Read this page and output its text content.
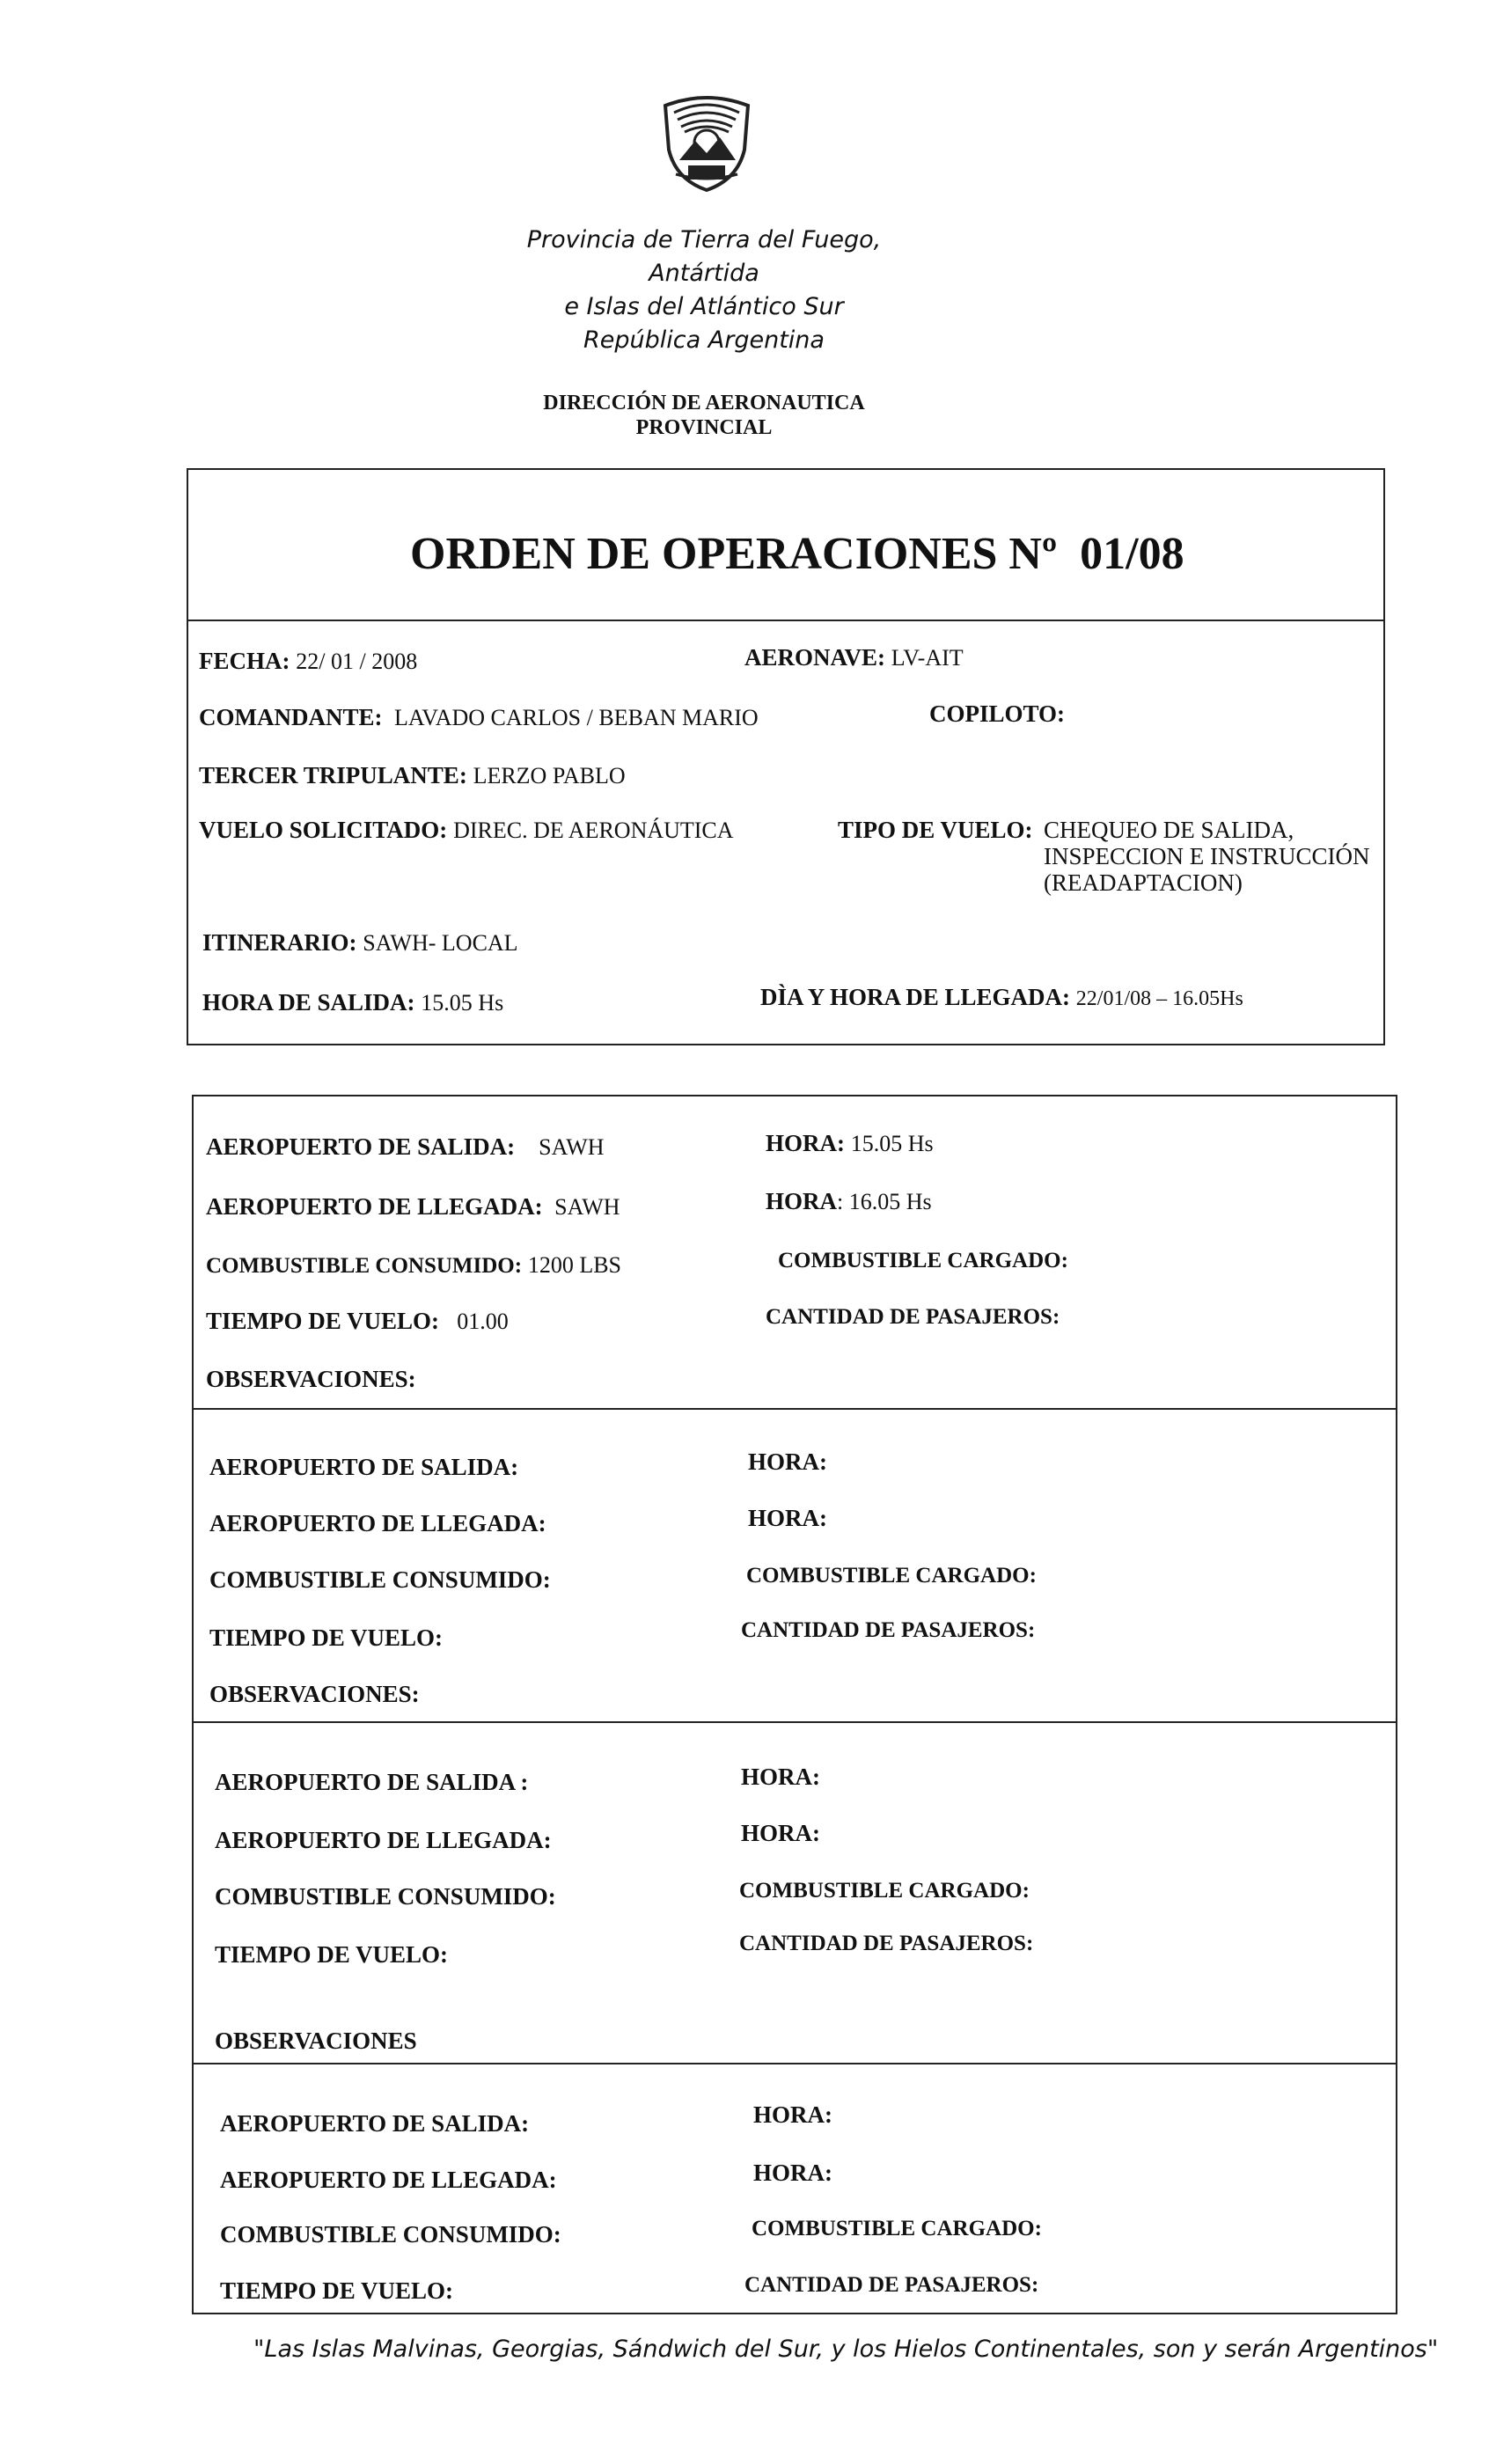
Provincia de Tierra del Fuego,
Antártida
e Islas del Atlántico Sur
República Argentina
DIRECCIÓN DE AERONAUTICA
PROVINCIAL
ORDEN DE OPERACIONES Nº 01/08
FECHA: 22/ 01 / 2008	AERONAVE: LV-AIT
COMANDANTE: LAVADO CARLOS / BEBAN MARIO	COPILOTO:
TERCER TRIPULANTE: LERZO PABLO
VUELO SOLICITADO: DIREC. DE AERONÁUTICA	TIPO DE VUELO: CHEQUEO DE SALIDA,
INSPECCION E INSTRUCCIÓN
(READAPTACION)
ITINERARIO: SAWH- LOCAL
HORA DE SALIDA: 15.05 Hs	DÌA Y HORA DE LLEGADA: 22/01/08 – 16.05Hs
AEROPUERTO DE SALIDA: SAWH	HORA: 15.05 Hs
AEROPUERTO DE LLEGADA: SAWH	HORA: 16.05 Hs
COMBUSTIBLE CONSUMIDO: 1200 LBS	COMBUSTIBLE CARGADO:
TIEMPO DE VUELO: 01.00	CANTIDAD DE PASAJEROS:
OBSERVACIONES:
AEROPUERTO DE SALIDA:	HORA:
AEROPUERTO DE LLEGADA:	HORA:
COMBUSTIBLE CONSUMIDO:	COMBUSTIBLE CARGADO:
TIEMPO DE VUELO:	CANTIDAD DE PASAJEROS:
OBSERVACIONES:
AEROPUERTO DE SALIDA :	HORA:
AEROPUERTO DE LLEGADA:	HORA:
COMBUSTIBLE CONSUMIDO:	COMBUSTIBLE CARGADO:
TIEMPO DE VUELO:	CANTIDAD DE PASAJEROS:
OBSERVACIONES
AEROPUERTO DE SALIDA:	HORA:
AEROPUERTO DE LLEGADA:	HORA:
COMBUSTIBLE CONSUMIDO:	COMBUSTIBLE CARGADO:
TIEMPO DE VUELO:	CANTIDAD DE PASAJEROS:
"Las Islas Malvinas, Georgias, Sándwich del Sur, y los Hielos Continentales, son y serán Argentinos"
